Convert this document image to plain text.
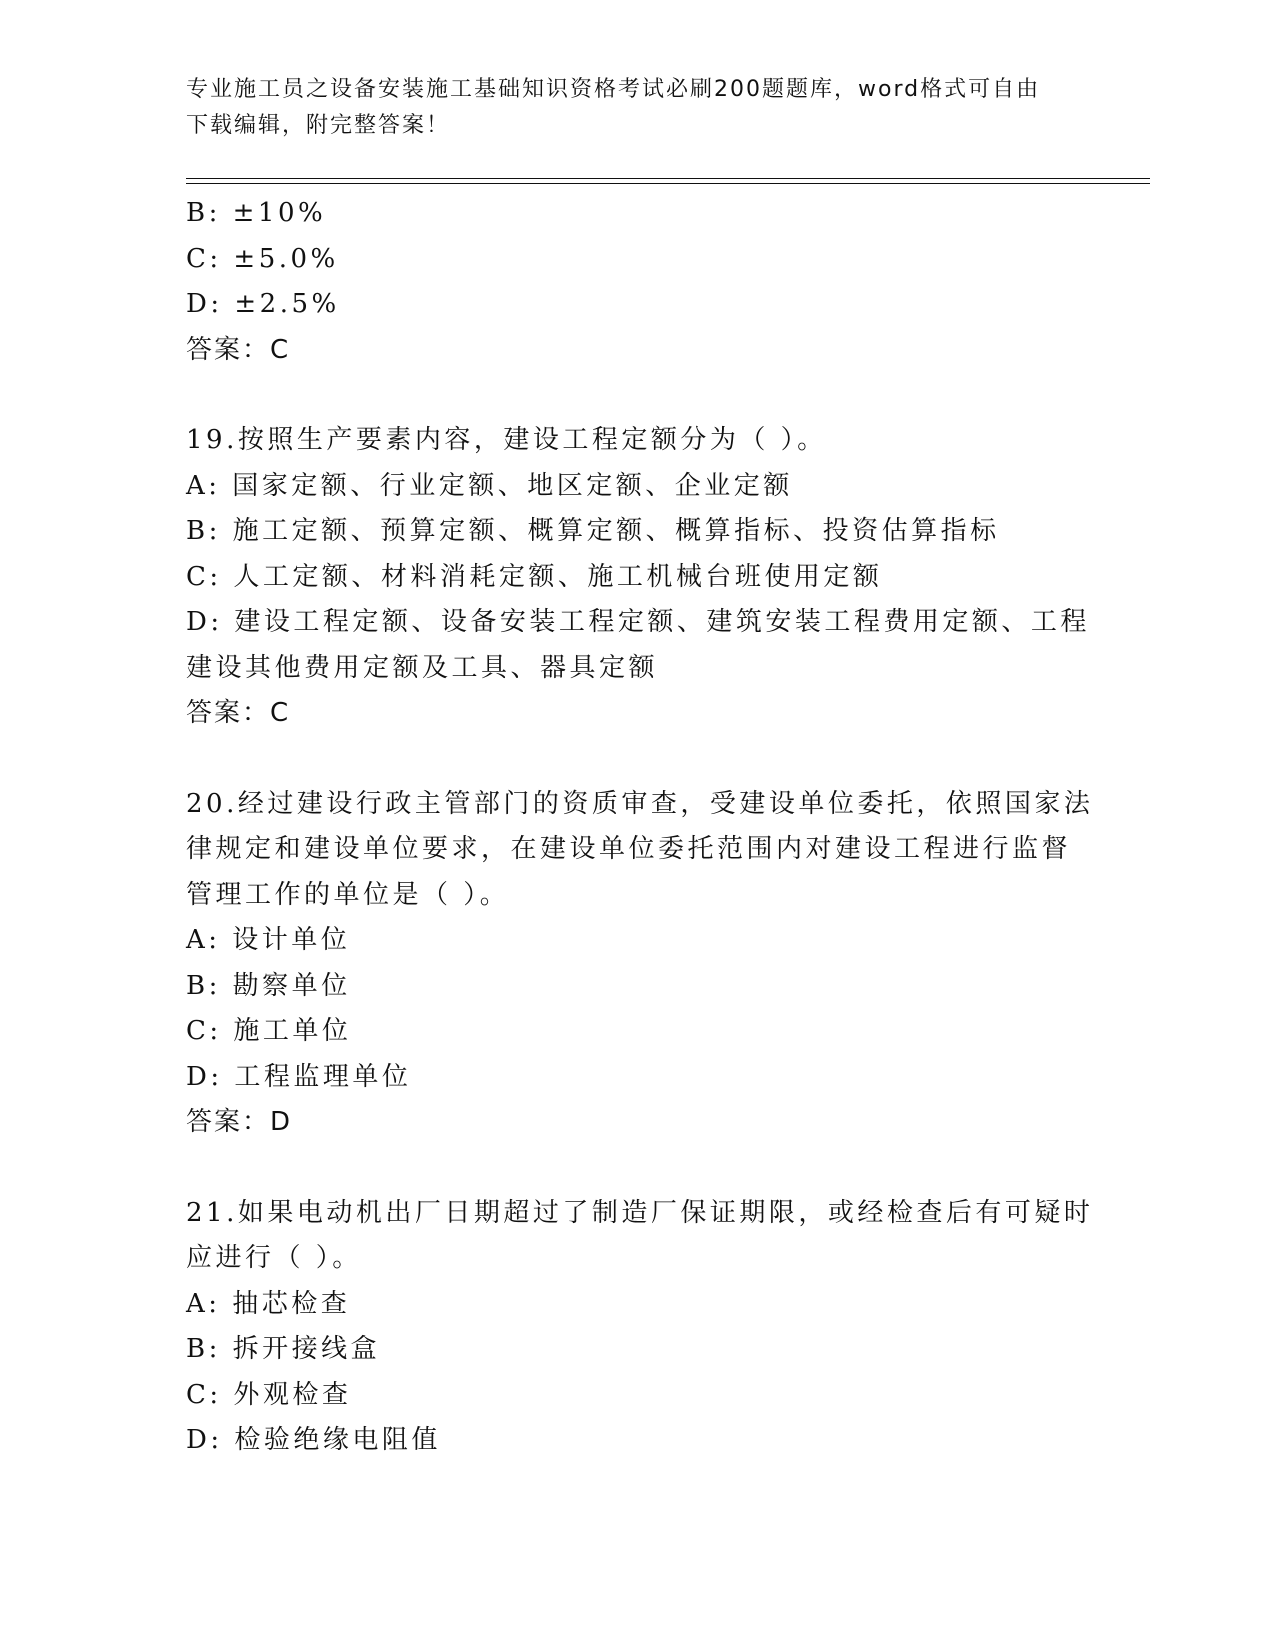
专业施工员之设备安装施工基础知识资格考试必刷200题题库，word格式可自由
下载编辑，附完整答案！
B: ±10%
C: ±5.0%
D: ±2.5%
答案：C
19.按照生产要素内容，建设工程定额分为（ ）。
A: 国家定额、行业定额、地区定额、企业定额
B: 施工定额、预算定额、概算定额、概算指标、投资估算指标
C: 人工定额、材料消耗定额、施工机械台班使用定额
D: 建设工程定额、设备安装工程定额、建筑安装工程费用定额、工程
建设其他费用定额及工具、器具定额
答案：C
20.经过建设行政主管部门的资质审查，受建设单位委托，依照国家法
律规定和建设单位要求，在建设单位委托范围内对建设工程进行监督
管理工作的单位是（ ）。
A: 设计单位
B: 勘察单位
C: 施工单位
D: 工程监理单位
答案：D
21.如果电动机出厂日期超过了制造厂保证期限，或经检查后有可疑时
应进行（ ）。
A: 抽芯检查
B: 拆开接线盒
C: 外观检查
D: 检验绝缘电阻值
